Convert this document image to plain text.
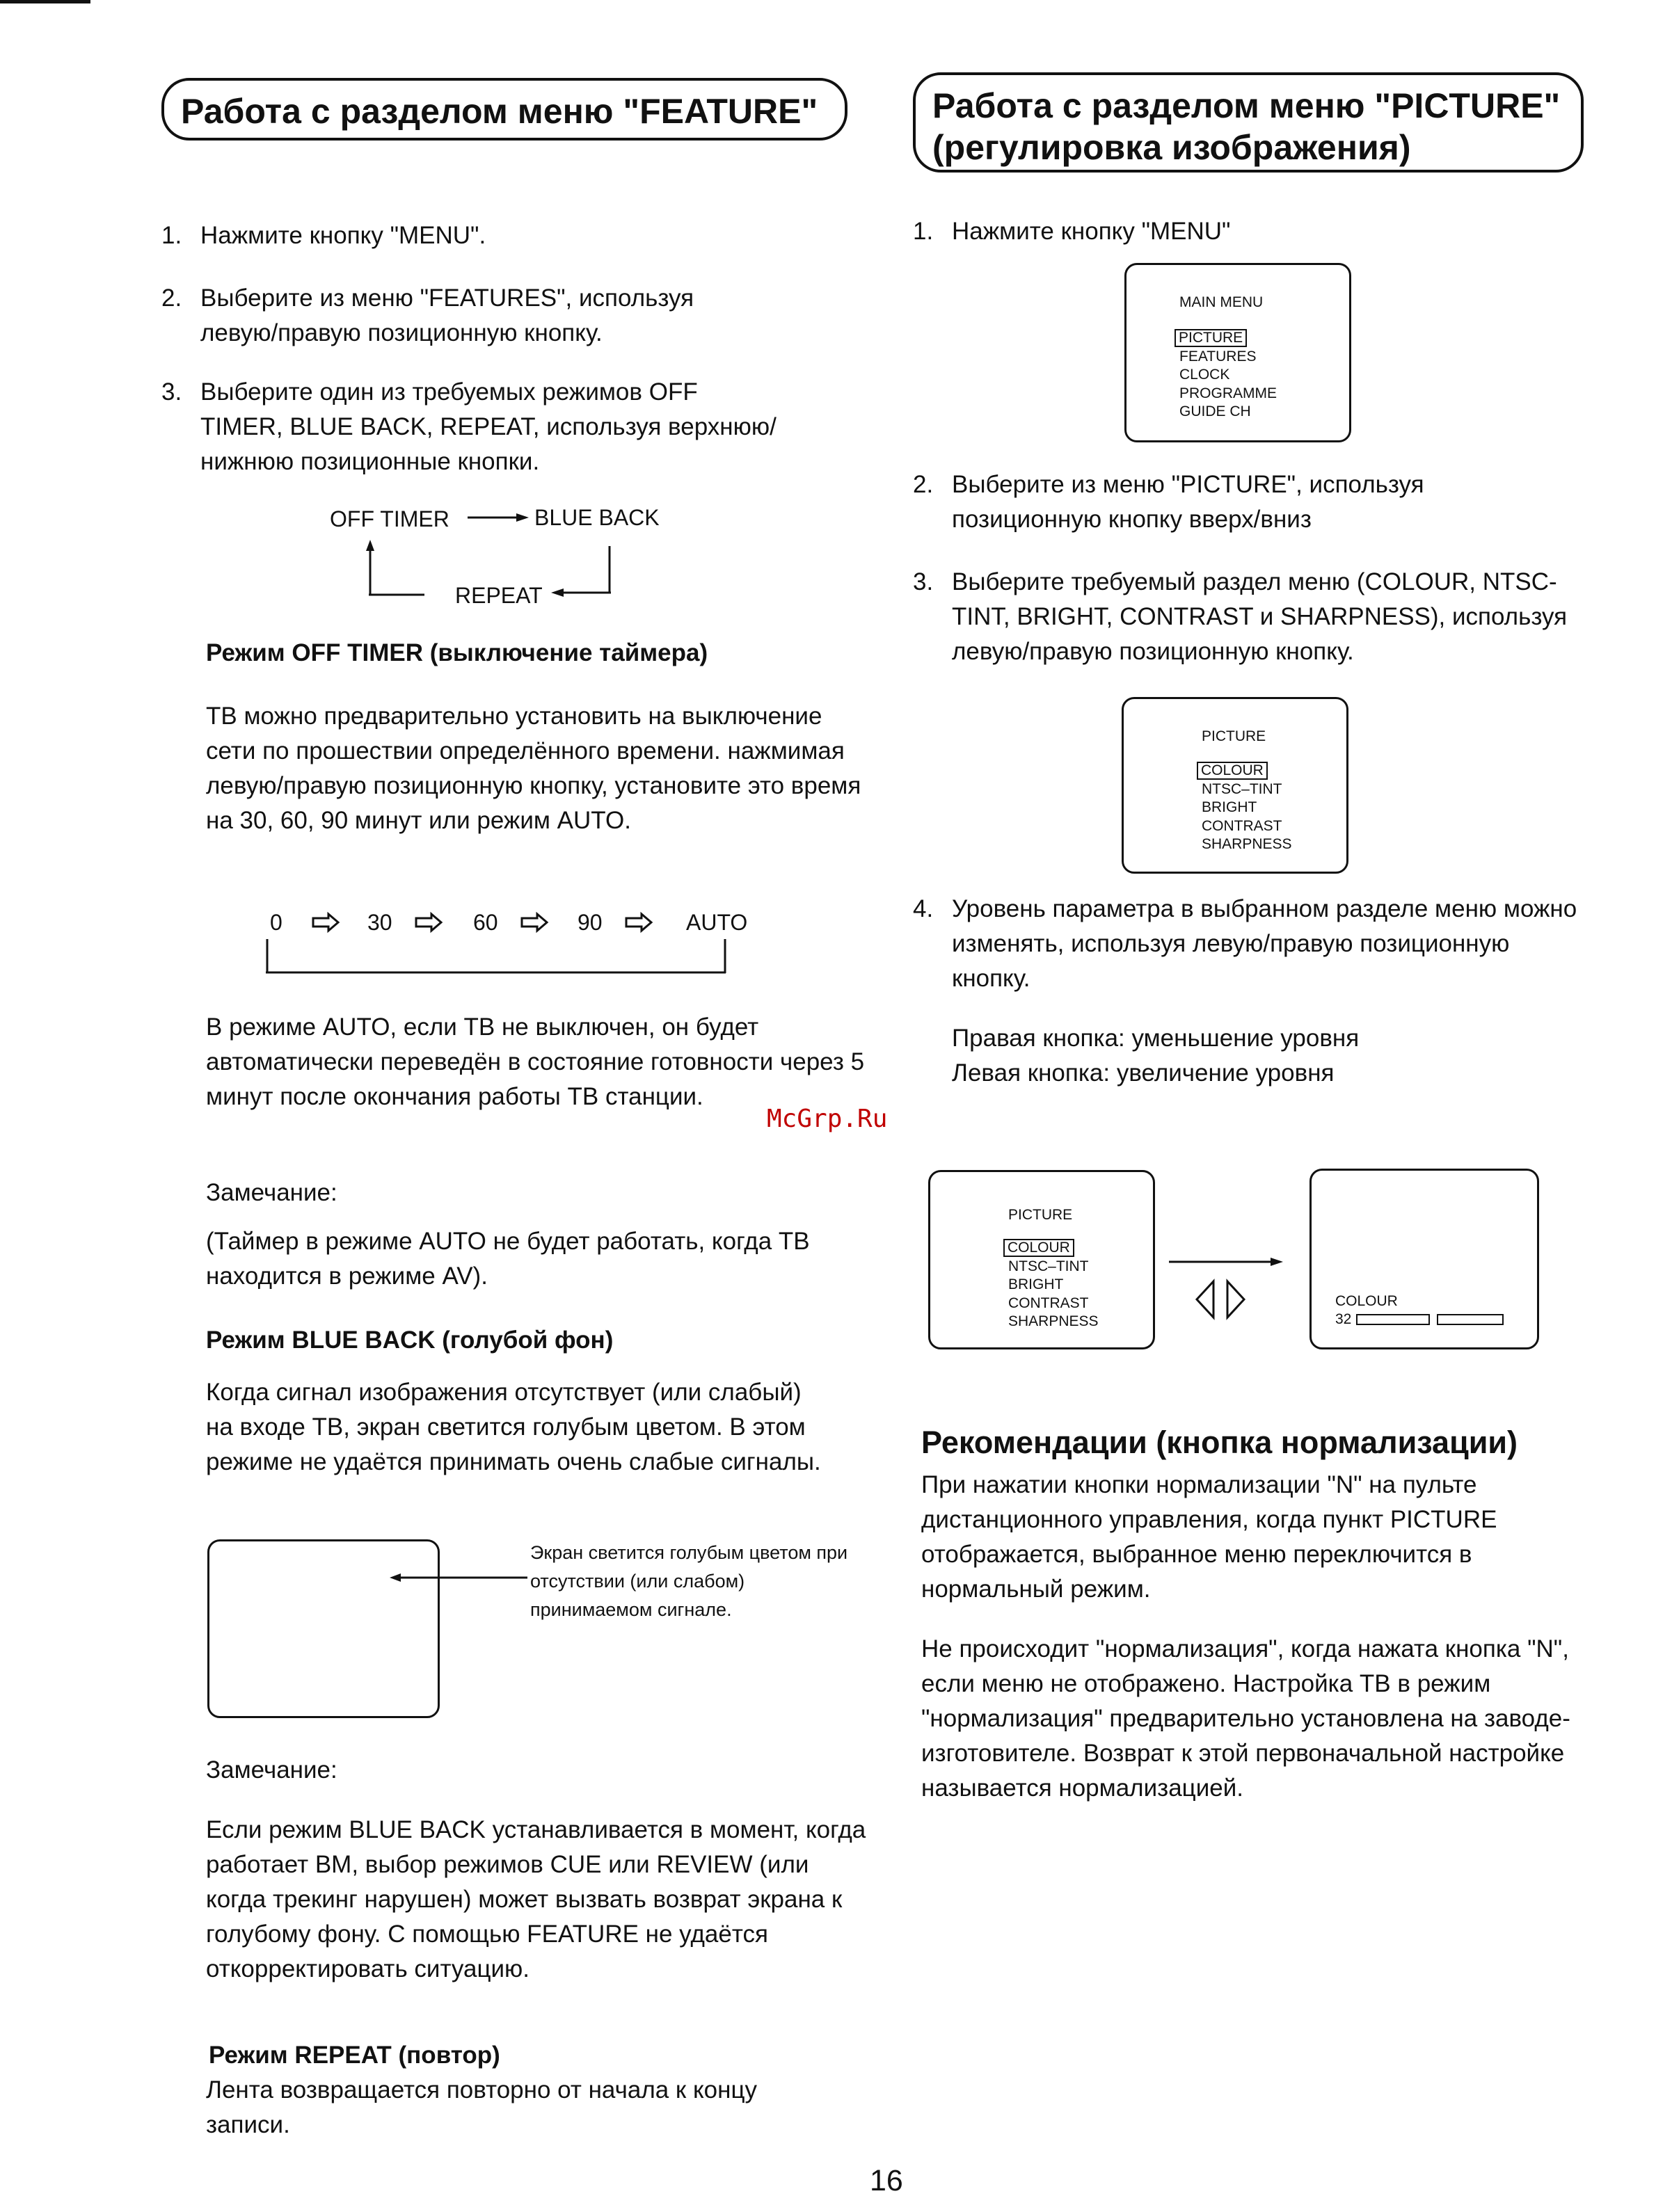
Работа с разделом меню "FEATURE"
1. Нажмите кнопку "MENU".
2. Выберите из меню "FEATURES", используя левую/правую позиционную кнопку.
3. Выберите один из требуемых режимов OFF TIMER, BLUE BACK, REPEAT, используя верхнюю/нижнюю позиционные кнопки.
OFF TIMER	BLUE BACK
REPEAT
Режим OFF TIMER (выключение таймера)
ТВ можно предварительно установить на выключение сети по прошествии определённого времени. нажмимая левую/правую позиционную кнопку, установите это время на 30, 60, 90 минут или режим AUTO.
0	30	60	90	AUTO
В режиме AUTO, если ТВ не выключен, он будет автоматически переведён в состояние готовности через 5 минут после окончания работы ТВ станции.
Замечание:
(Таймер в режиме AUTO не будет работать, когда ТВ находится в режиме AV).
Режим BLUE BACK (голубой фон)
Когда сигнал изображения отсутствует (или слабый) на входе ТВ, экран светится голубым цветом. В этом режиме не удаётся принимать очень слабые сигналы.
Экран светится голубым цветом при отсутствии (или слабом) принимаемом сигнале.
Замечание:
Если режим BLUE BACK устанавливается в момент, когда работает ВМ, выбор режимов CUE или REVIEW (или когда трекинг нарушен) может вызвать возврат экрана к голубому фону. С помощью FEATURE не удаётся откорректировать ситуацию.
Режим REPEAT (повтор)
Лента возвращается повторно от начала к концу записи.
Работа с разделом меню "PICTURE"
(регулировка изображения)
1. Нажмите кнопку "MENU"
MAIN MENU
PICTURE
FEATURES
CLOCK
PROGRAMME
GUIDE CH
2. Выберите из меню "PICTURE", используя позиционную кнопку вверх/вниз
3. Выберите требуемый раздел меню (COLOUR, NTSC-TINT, BRIGHT, CONTRAST и SHARPNESS), используя левую/правую позиционную кнопку.
PICTURE
COLOUR
NTSC–TINT
BRIGHT
CONTRAST
SHARPNESS
4. Уровень параметра в выбранном разделе меню можно изменять, используя левую/правую позиционную кнопку.
Правая кнопка: уменьшение уровня
Левая кнопка: увеличение уровня
PICTURE
COLOUR
NTSC–TINT
BRIGHT
CONTRAST
SHARPNESS
COLOUR
32
Рекомендации (кнопка нормализации)
При нажатии кнопки нормализации "N" на пульте дистанционного управления, когда пункт PICTURE отображается, выбранное меню переключится в нормальный режим.
Не происходит "нормализация", когда нажата кнопка "N", если меню не отображено. Настройка ТВ в режим "нормализация" предварительно установлена на заводе-изготовителе. Возврат к этой первоначальной настройке называется нормализацией.
McGrp.Ru
16
